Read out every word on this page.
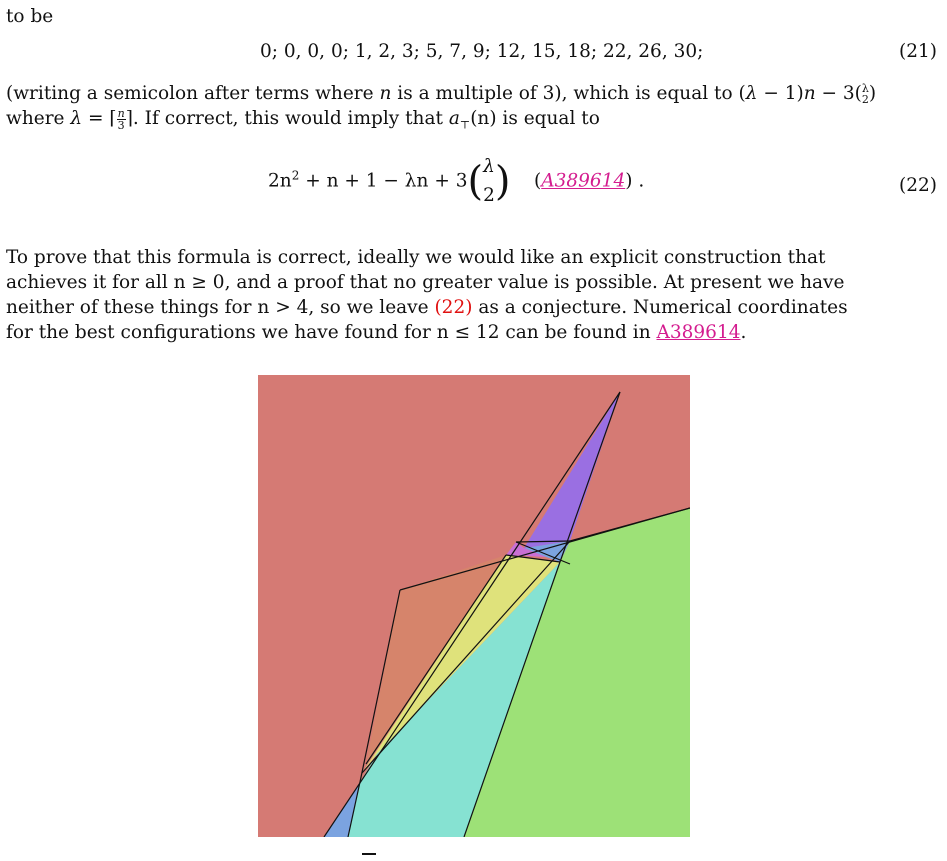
to be
0; 0, 0, 0; 1, 2, 3; 5, 7, 9; 12, 15, 18; 22, 26, 30;	(21)
(writing a semicolon after terms where n is a multiple of 3), which is equal to (λ − 1)n − 3( λ
2 )
where λ = ⌈ $\frac{n}{3}$ ⌉. If correct, this would imply that $a_⊤(n)$ is equal to
$2n^2 + n + 1 - \lambda n + 3$( λ
2 ) (A389614) .	(22)
To prove that this formula is correct, ideally we would like an explicit construction that
achieves it for all n ≥ 0, and a proof that no greater value is possible. At present we have
neither of these things for n > 4, so we leave (22) as a conjecture. Numerical coordinates
for the best configurations we have found for n ≤ 12 can be found in A389614.
